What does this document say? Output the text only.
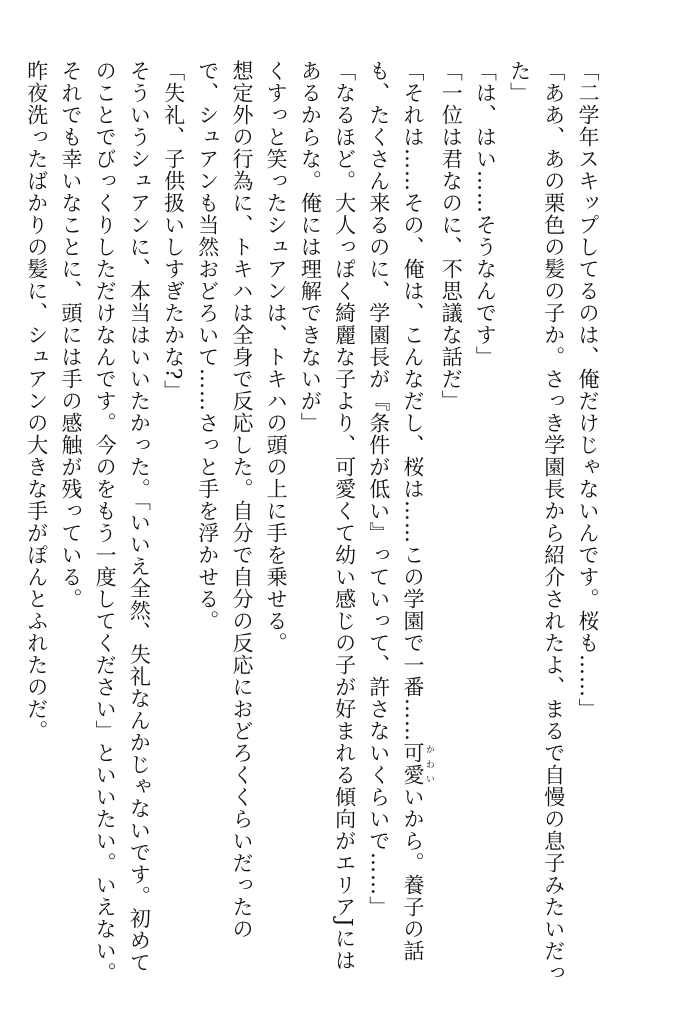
「二学年スキップしてるのは、俺だけじゃないんです。桜も……」
「ああ、あの栗色の髪の子か。さっき学園長から紹介されたよ、まるで自慢の息子みたいだっ
た」
「は、はい……そうなんです」
「一位は君なのに、不思議な話だ」
「それは……その、俺は、こんなだし、桜は……この学園で一番……可愛 かわいいから。養子の話
も、たくさん来るのに、学園長が『条件が低い』っていって、許さないくらいで……」
「なるほど。大人っぽく綺麗な子より、可愛くて幼い感じの子が好まれる傾向がエリアJには
あるからな。俺には理解できないが」
くすっと笑ったシュアンは、トキハの頭の上に手を乗せる。
想定外の行為に、トキハは全身で反応した。自分で自分の反応におどろくくらいだったの
で、シュアンも当然おどろいて……さっと手を浮かせる。
「失礼、子供扱いしすぎたかな?」
そういうシュアンに、本当はいいたかった。「いいえ全然、失礼なんかじゃないです。初めて
のことでびっくりしただけなんです。今のをもう一度してください」といいたい。いえない。
それでも幸いなことに、頭には手の感触が残っている。
昨夜洗ったばかりの髪に、シュアンの大きな手がぽんとふれたのだ。
